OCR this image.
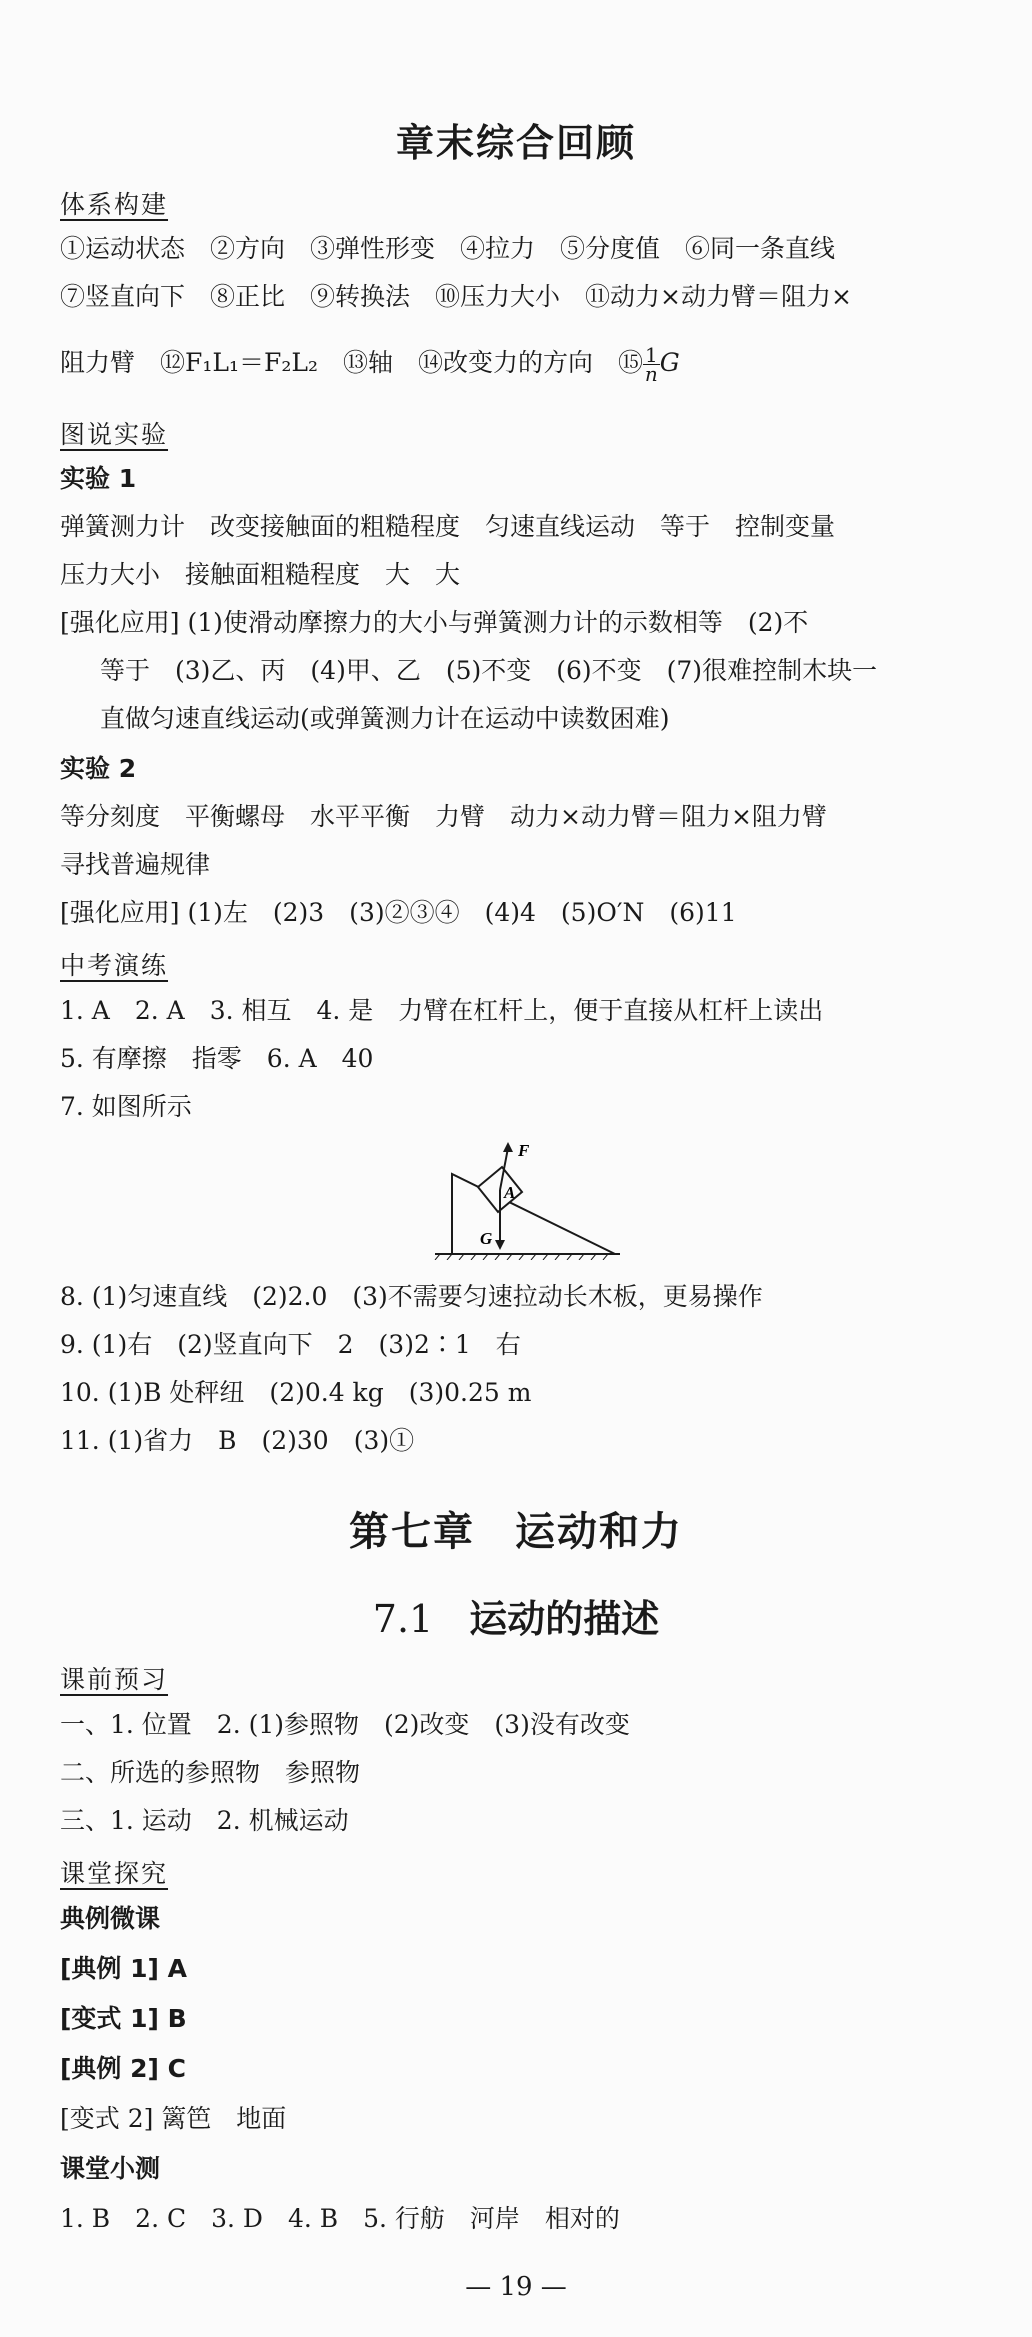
章末综合回顾
体系构建
①运动状态　②方向　③弹性形变　④拉力　⑤分度值　⑥同一条直线
⑦竖直向下　⑧正比　⑨转换法　⑩压力大小　⑪动力×动力臂＝阻力×
阻力臂　⑫F₁L₁＝F₂L₂　⑬轴　⑭改变力的方向　⑮ $\frac{1}{n}$ G
图说实验
实验 1
弹簧测力计　改变接触面的粗糙程度　匀速直线运动　等于　控制变量
压力大小　接触面粗糙程度　大　大
[强化应用] (1)使滑动摩擦力的大小与弹簧测力计的示数相等　(2)不
等于　(3)乙、丙　(4)甲、乙　(5)不变　(6)不变　(7)很难控制木块一
直做匀速直线运动(或弹簧测力计在运动中读数困难)
实验 2
等分刻度　平衡螺母　水平平衡　力臂　动力×动力臂＝阻力×阻力臂
寻找普遍规律
[强化应用] (1)左　(2)3　(3)②③④　(4)4　(5)O′N　(6)11
中考演练
1. A　2. A　3. 相互　4. 是　力臂在杠杆上，便于直接从杠杆上读出
5. 有摩擦　指零　6. A　40
7. 如图所示
F
A
G
8. (1)匀速直线　(2)2.0　(3)不需要匀速拉动长木板，更易操作
9. (1)右　(2)竖直向下　2　(3)2∶1　右
10. (1)B 处秤纽　(2)0.4 kg　(3)0.25 m
11. (1)省力　B　(2)30　(3)①
第七章 运动和力
7.1 运动的描述
课前预习
一、1. 位置　2. (1)参照物　(2)改变　(3)没有改变
二、所选的参照物　参照物
三、1. 运动　2. 机械运动
课堂探究
典例微课
[典例 1] A
[变式 1] B
[典例 2] C
[变式 2] 篱笆　地面
课堂小测
1. B　2. C　3. D　4. B　5. 行舫　河岸　相对的
— 19 —
